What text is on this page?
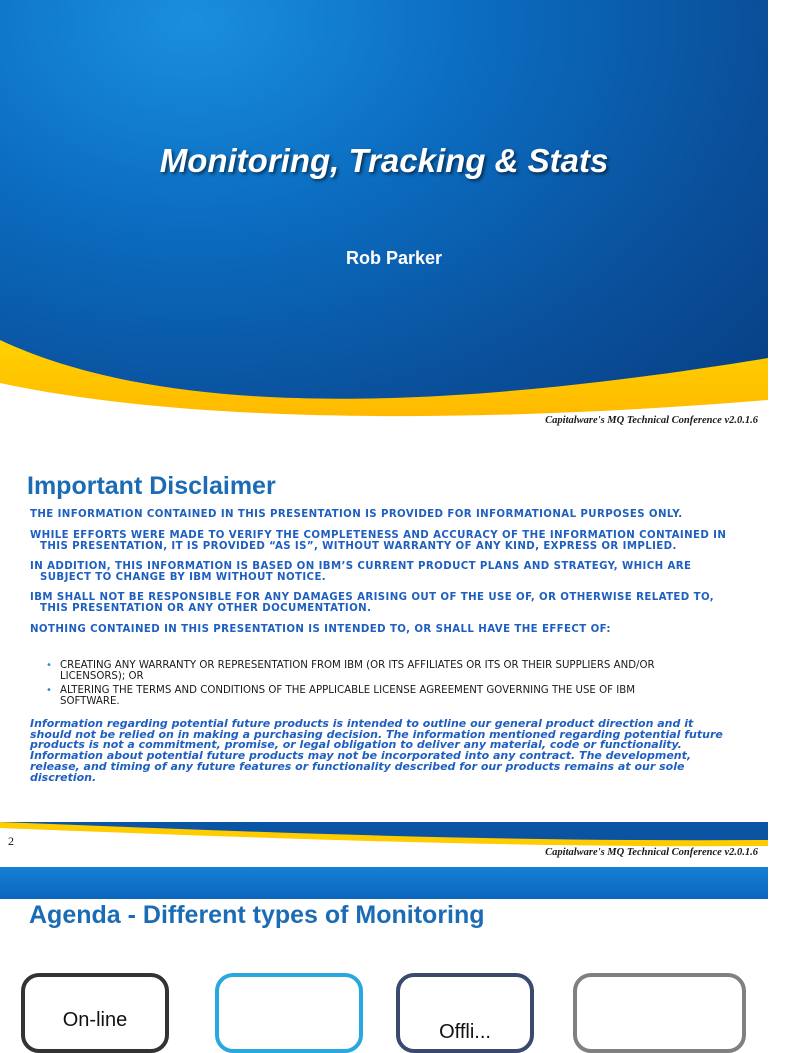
Monitoring, Tracking & Stats
Rob Parker
Capitalware's MQ Technical Conference v2.0.1.6
Important Disclaimer
THE INFORMATION CONTAINED IN THIS PRESENTATION IS PROVIDED FOR INFORMATIONAL PURPOSES ONLY.
WHILE EFFORTS WERE MADE TO VERIFY THE COMPLETENESS AND ACCURACY OF THE INFORMATION CONTAINED IN
THIS PRESENTATION, IT IS PROVIDED “AS IS”, WITHOUT WARRANTY OF ANY KIND, EXPRESS OR IMPLIED.
IN ADDITION, THIS INFORMATION IS BASED ON IBM’S CURRENT PRODUCT PLANS AND STRATEGY, WHICH ARE
SUBJECT TO CHANGE BY IBM WITHOUT NOTICE.
IBM SHALL NOT BE RESPONSIBLE FOR ANY DAMAGES ARISING OUT OF THE USE OF, OR OTHERWISE RELATED TO,
THIS PRESENTATION OR ANY OTHER DOCUMENTATION.
NOTHING CONTAINED IN THIS PRESENTATION IS INTENDED TO, OR SHALL HAVE THE EFFECT OF:
• CREATING ANY WARRANTY OR REPRESENTATION FROM IBM (OR ITS AFFILIATES OR ITS OR THEIR SUPPLIERS AND/OR
LICENSORS); OR
• ALTERING THE TERMS AND CONDITIONS OF THE APPLICABLE LICENSE AGREEMENT GOVERNING THE USE OF IBM
SOFTWARE.
Information regarding potential future products is intended to outline our general product direction and it
should not be relied on in making a purchasing decision. The information mentioned regarding potential future
products is not a commitment, promise, or legal obligation to deliver any material, code or functionality.
Information about potential future products may not be incorporated into any contract. The development,
release, and timing of any future features or functionality described for our products remains at our sole
discretion.
2
Capitalware's MQ Technical Conference v2.0.1.6
Agenda - Different types of Monitoring
On-line
Offli...
